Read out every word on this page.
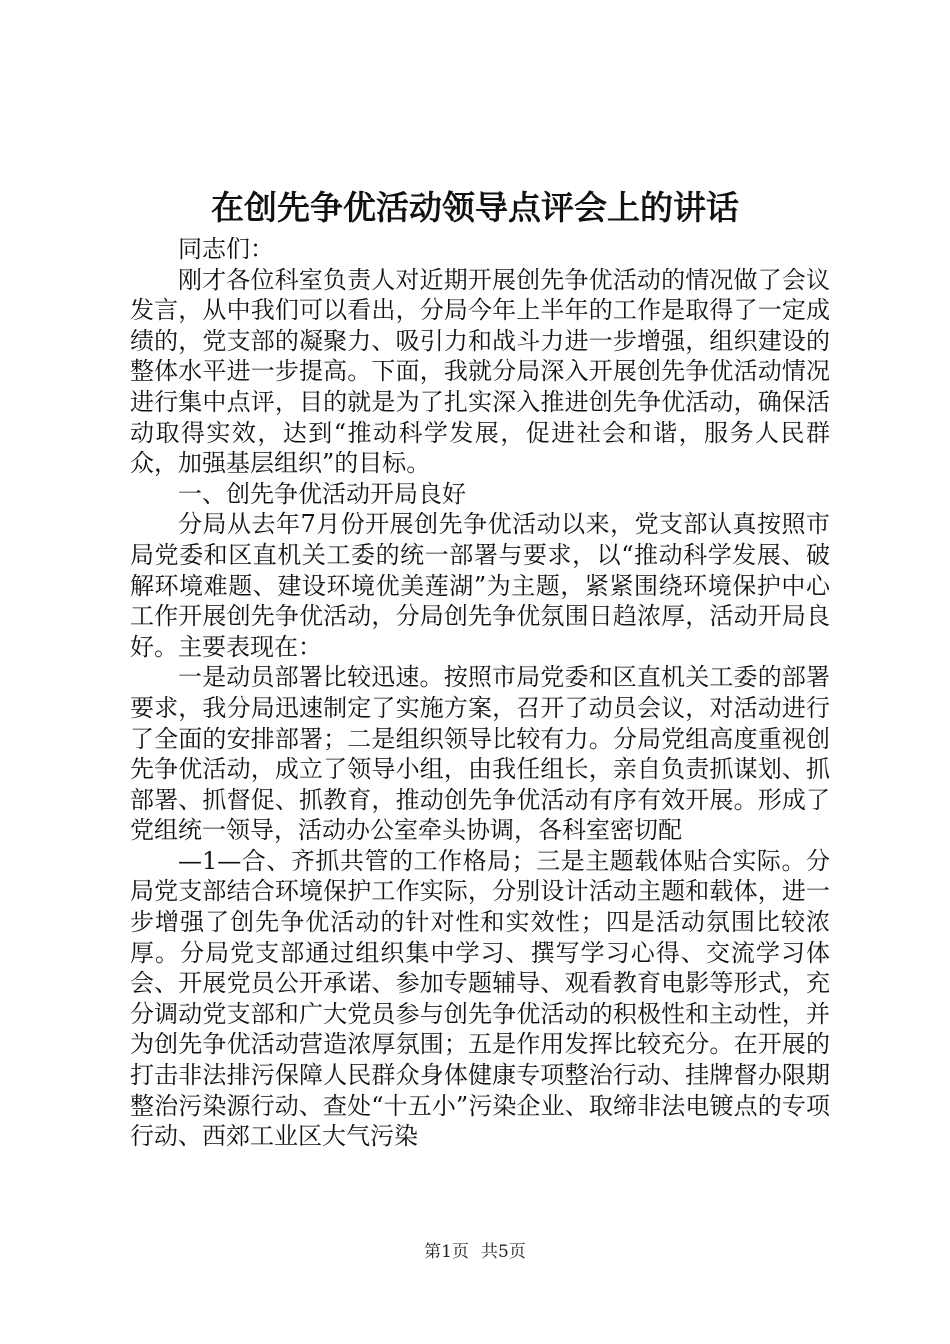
在创先争优活动领导点评会上的讲话

同志们：

刚才各位科室负责人对近期开展创先争优活动的情况做了会议发言，从中我们可以看出，分局今年上半年的工作是取得了一定成绩的，党支部的凝聚力、吸引力和战斗力进一步增强，组织建设的整体水平进一步提高。下面，我就分局深入开展创先争优活动情况进行集中点评，目的就是为了扎实深入推进创先争优活动，确保活动取得实效，达到“推动科学发展，促进社会和谐，服务人民群众，加强基层组织”的目标。

一、创先争优活动开局良好

分局从去年7月份开展创先争优活动以来，党支部认真按照市局党委和区直机关工委的统一部署与要求，以“推动科学发展、破解环境难题、建设环境优美莲湖”为主题，紧紧围绕环境保护中心工作开展创先争优活动，分局创先争优氛围日趋浓厚，活动开局良好。主要表现在：

一是动员部署比较迅速。按照市局党委和区直机关工委的部署要求，我分局迅速制定了实施方案，召开了动员会议，对活动进行了全面的安排部署；二是组织领导比较有力。分局党组高度重视创先争优活动，成立了领导小组，由我任组长，亲自负责抓谋划、抓部署、抓督促、抓教育，推动创先争优活动有序有效开展。形成了党组统一领导，活动办公室牵头协调，各科室密切配

—1—合、齐抓共管的工作格局；三是主题载体贴合实际。分局党支部结合环境保护工作实际，分别设计活动主题和载体，进一步增强了创先争优活动的针对性和实效性；四是活动氛围比较浓厚。分局党支部通过组织集中学习、撰写学习心得、交流学习体会、开展党员公开承诺、参加专题辅导、观看教育电影等形式，充分调动党支部和广大党员参与创先争优活动的积极性和主动性，并为创先争优活动营造浓厚氛围；五是作用发挥比较充分。在开展的打击非法排污保障人民群众身体健康专项整治行动、挂牌督办限期整治污染源行动、查处“十五小”污染企业、取缔非法电镀点的专项行动、西郊工业区大气污染

第1页 共5页
